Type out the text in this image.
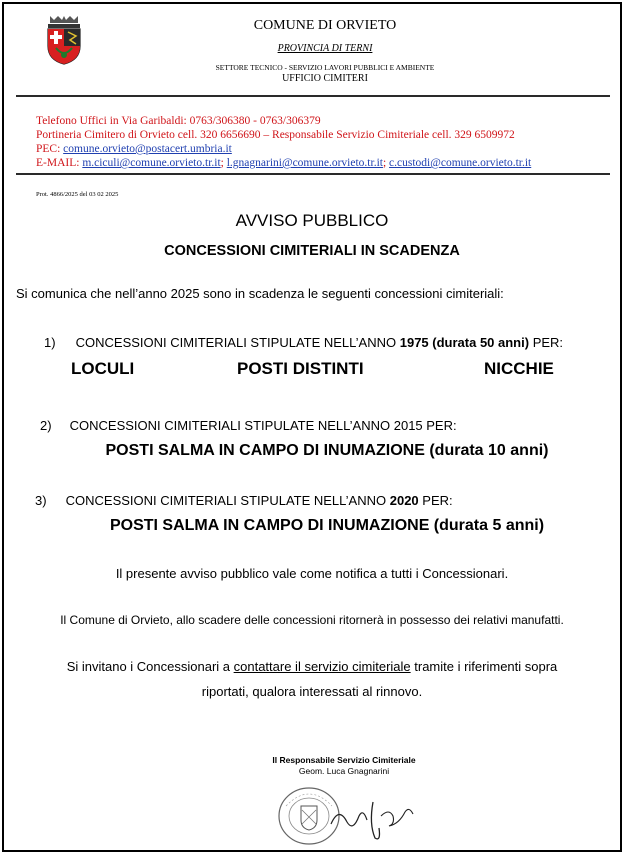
COMUNE DI ORVIETO
PROVINCIA DI TERNI
SETTORE TECNICO - SERVIZIO LAVORI PUBBLICI E AMBIENTE
UFFICIO CIMITERI
Telefono Uffici in Via Garibaldi: 0763/306380 - 0763/306379
Portineria Cimitero di Orvieto cell. 320 6656690 – Responsabile Servizio Cimiteriale cell. 329 6509972
PEC: comune.orvieto@postacert.umbria.it
E-MAIL: m.ciculi@comune.orvieto.tr.it; l.gnagnarini@comune.orvieto.tr.it; c.custodi@comune.orvieto.tr.it
Prot. 4866/2025 del 03 02 2025
AVVISO PUBBLICO
CONCESSIONI CIMITERIALI IN SCADENZA
Si comunica che nell’anno 2025 sono in scadenza le seguenti concessioni cimiteriali:
1) CONCESSIONI CIMITERIALI STIPULATE NELL’ANNO 1975 (durata 50 anni) PER:
LOCULI	POSTI DISTINTI	NICCHIE
2) CONCESSIONI CIMITERIALI STIPULATE NELL’ANNO 2015 PER:
POSTI SALMA IN CAMPO DI INUMAZIONE (durata 10 anni)
3) CONCESSIONI CIMITERIALI STIPULATE NELL’ANNO 2020 PER:
POSTI SALMA IN CAMPO DI INUMAZIONE (durata 5 anni)
Il presente avviso pubblico vale come notifica a tutti i Concessionari.
Il Comune di Orvieto, allo scadere delle concessioni ritornerà in possesso dei relativi manufatti.
Si invitano i Concessionari a contattare il servizio cimiteriale tramite i riferimenti sopra
riportati, qualora interessati al rinnovo.
Il Responsabile Servizio Cimiteriale
Geom. Luca Gnagnarini
